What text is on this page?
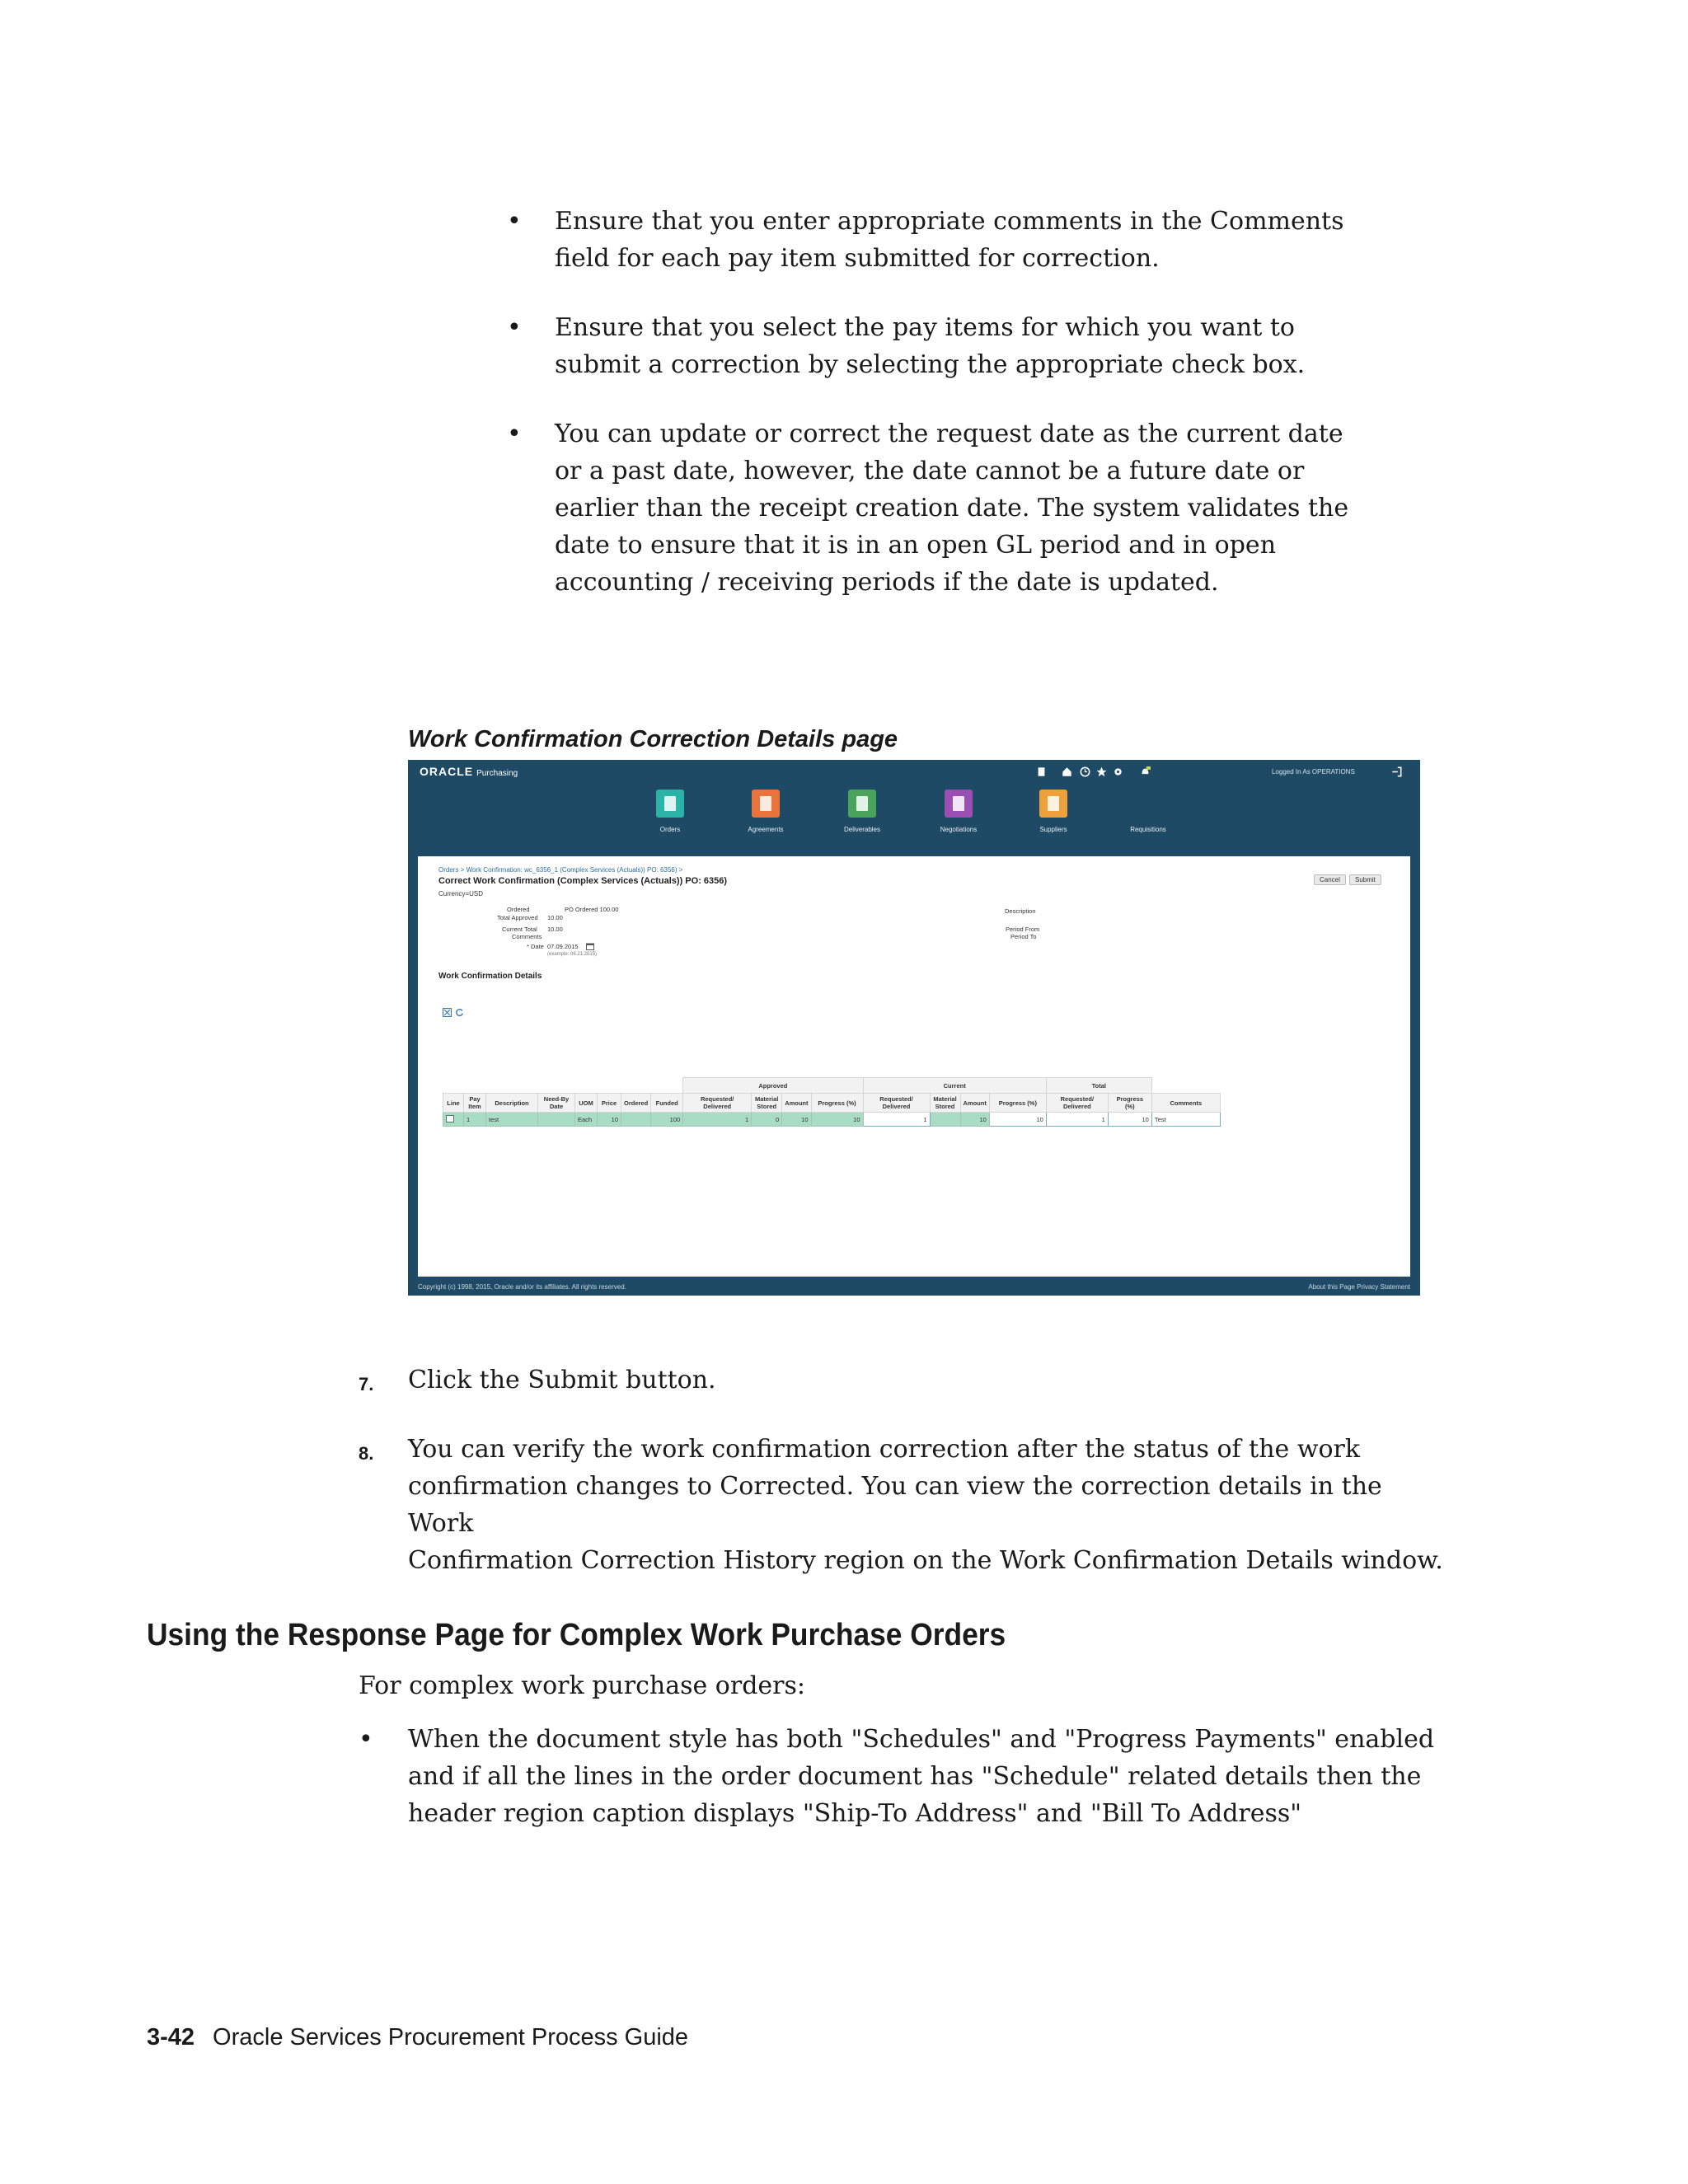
• Ensure that you enter appropriate comments in the Comments
field for each pay item submitted for correction.
• Ensure that you select the pay items for which you want to
submit a correction by selecting the appropriate check box.
• You can update or correct the request date as the current date
or a past date, however, the date cannot be a future date or
earlier than the receipt creation date. The system validates the
date to ensure that it is in an open GL period and in open
accounting / receiving periods if the date is updated.
Work Confirmation Correction Details page
ORACLE Purchasing	Logged In As OPERATIONS
Orders	Agreements	Deliverables	Negotiations	Suppliers	Requisitions
Orders > Work Confirmation: wc_6356_1 (Complex Services (Actuals)) PO: 6356) >
Correct Work Confirmation (Complex Services (Actuals)) PO: 6356)
Currency=USD
Cancel	Submit
Ordered	PO Ordered 100.00
Total Approved 10.00
Current Total 10.00
Comments
* Date 07.09.2015
(example: 06.21.2015)
Description
Period From
Period To
Work Confirmation Details
								Approved				Current				Total		
Line	Pay Item	Description	Need-By Date	UOM	Price	Ordered	Funded	Requested/ Delivered	Material Stored	Amount	Progress (%)	Requested/ Delivered	Material Stored	Amount	Progress (%)	Requested/ Delivered	Progress (%)	Comments
	1	test		Each	10		100	1	0	10	10	1		10	10	1	10	Test
Copyright (c) 1998, 2015, Oracle and/or its affiliates. All rights reserved.	About this Page Privacy Statement
7. Click the Submit button.
8. You can verify the work confirmation correction after the status of the work
confirmation changes to Corrected. You can view the correction details in the Work
Confirmation Correction History region on the Work Confirmation Details window.
Using the Response Page for Complex Work Purchase Orders
For complex work purchase orders:
• When the document style has both "Schedules" and "Progress Payments" enabled
and if all the lines in the order document has "Schedule" related details then the
header region caption displays "Ship-To Address" and "Bill To Address"
3-42 Oracle Services Procurement Process Guide
